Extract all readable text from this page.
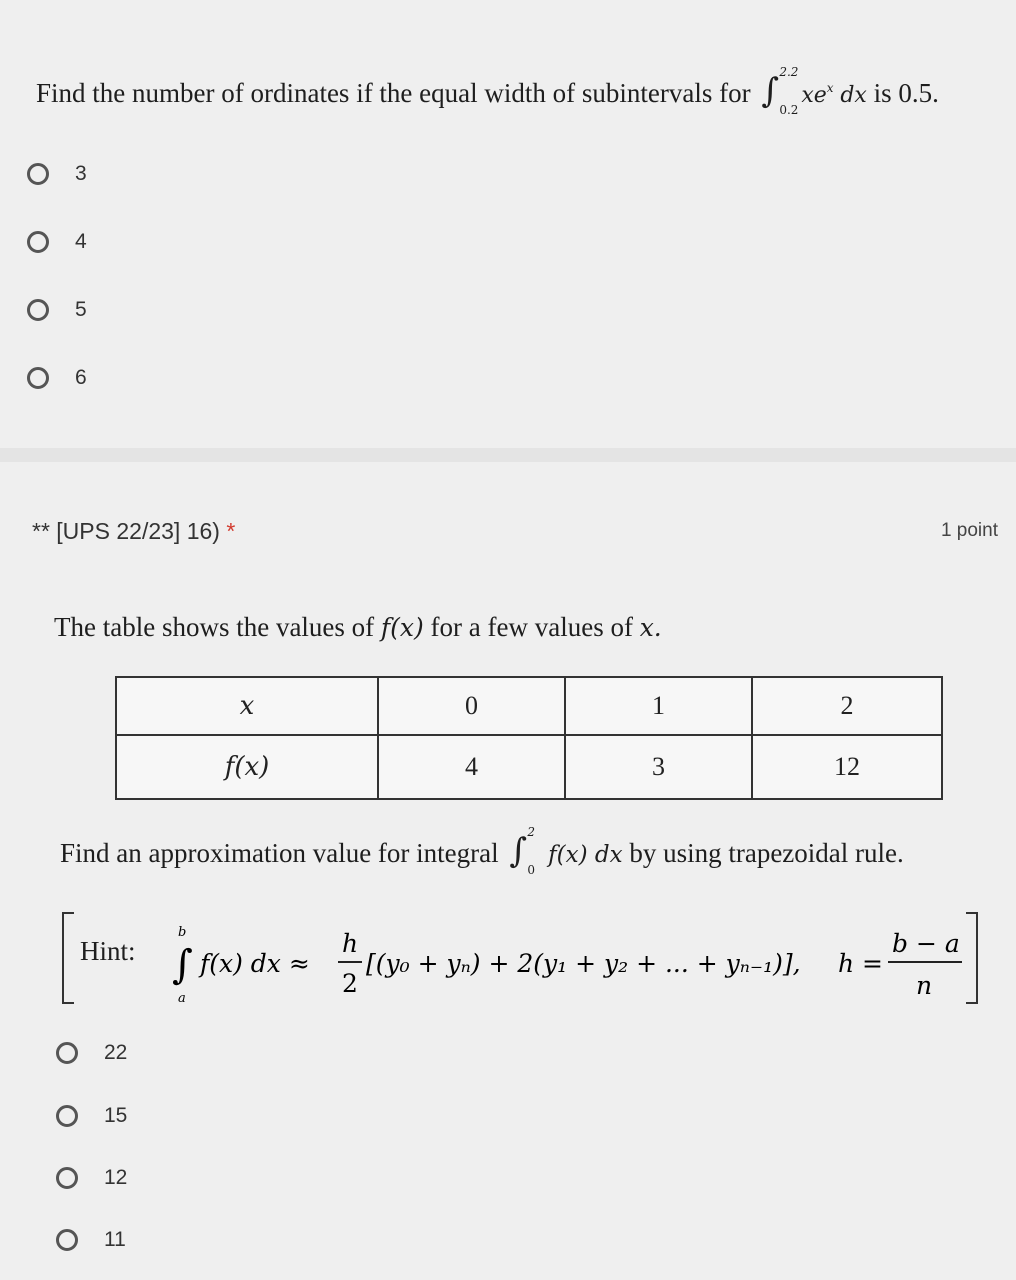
Find the number of ordinates if the equal width of subintervals for ∫ 2.2
0.2
$xe^x$ dx is 0.5.
3
4
5
6
** [UPS 22/23] 16) *	1 point
The table shows the values of f(x) for a few values of x.
x	0	1	2
f(x)	4	3	12
Find an approximation value for integral ∫ 2
0
f(x) dx by using trapezoidal rule.
Hint: ∫
b
a
f(x) dx ≈
h
2
[(y₀ + yₙ) + 2(y₁ + y₂ + ... + yₙ₋₁)], h =
b − a
n
22
15
12
11
